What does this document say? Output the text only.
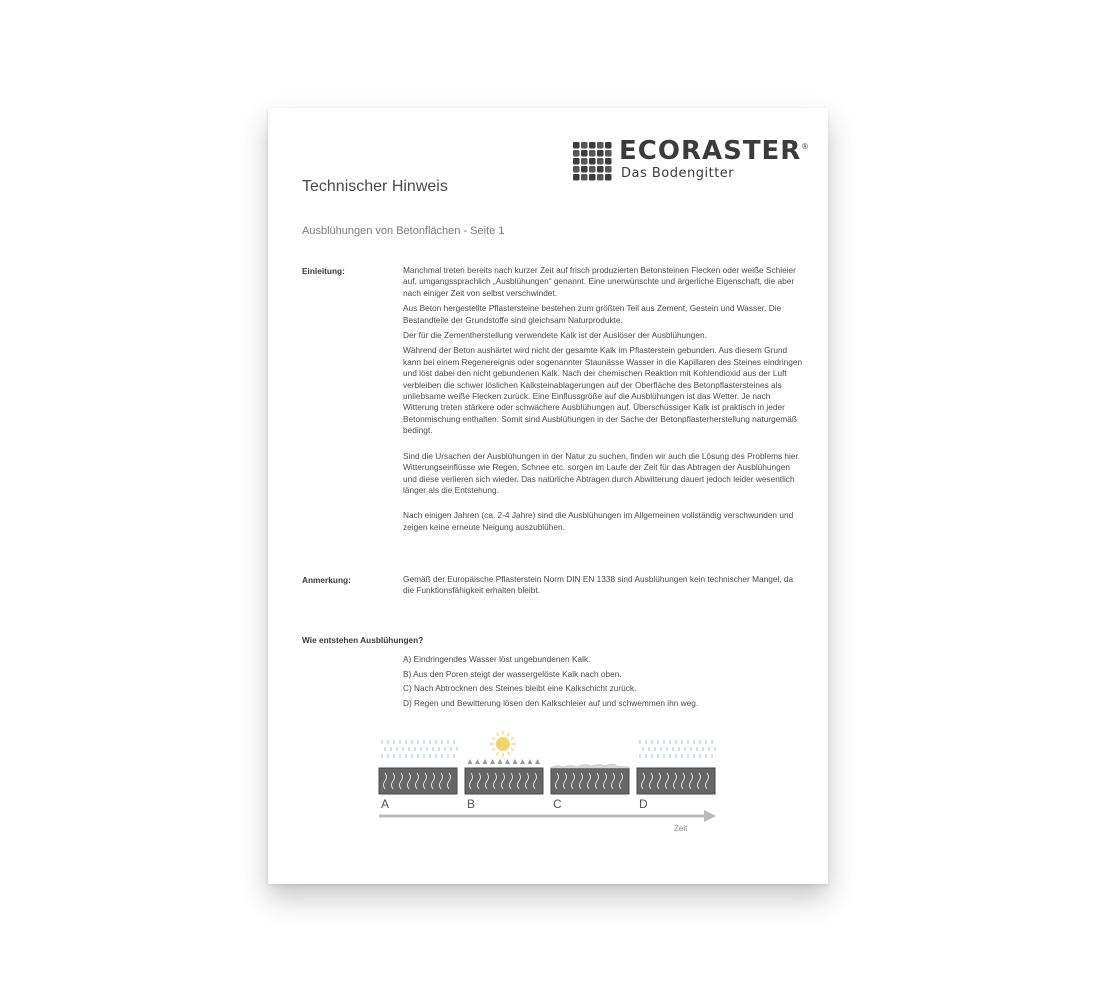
ECORASTER ®
Das Bodengitter
Technischer Hinweis
Ausblühungen von Betonflächen - Seite 1
Einleitung:	Manchmal treten bereits nach kurzer Zeit auf frisch produzierten Betonsteinen Flecken oder weiße Schleier auf, umgangssprachlich „Ausblühungen“ genannt. Eine unerwünschte und ärgerliche Eigenschaft, die aber nach einiger Zeit von selbst verschwindet.

Aus Beton hergestellte Pflastersteine bestehen zum größten Teil aus Zement, Gestein und Wasser. Die Bestandteile der Grundstoffe sind gleichsam Naturprodukte.

Der für die Zementherstellung verwendete Kalk ist der Auslöser der Ausblühungen.

Während der Beton aushärtet wird nicht der gesamte Kalk im Pflasterstein gebunden. Aus diesem Grund kann bei einem Regenereignis oder sogenannter Staunässe Wasser in die Kapillaren des Steines eindringen und löst dabei den nicht gebundenen Kalk. Nach der chemischen Reaktion mit Kohlendioxid aus der Luft verbleiben die schwer löslichen Kalksteinablagerungen auf der Oberfläche des Betonpflastersteines als unliebsame weiße Flecken zurück. Eine Einflussgröße auf die Ausblühungen ist das Wetter. Je nach Witterung treten stärkere oder schwächere Ausblühungen auf. Überschüssiger Kalk ist praktisch in jeder Betonmischung enthalten. Somit sind Ausblühungen in der Sache der Betonpflasterherstellung naturgemäß bedingt.

Sind die Ursachen der Ausblühungen in der Natur zu suchen, finden wir auch die Lösung des Problems hier. Witterungseinflüsse wie Regen, Schnee etc. sorgen im Laufe der Zeit für das Abtragen der Ausblühungen und diese verlieren sich wieder. Das natürliche Abtragen durch Abwitterung dauert jedoch leider wesentlich länger als die Entstehung.

Nach einigen Jahren (ca. 2-4 Jahre) sind die Ausblühungen im Allgemeinen vollständig verschwunden und zeigen keine erneute Neigung auszublühen.

Anmerkung:	Gemäß der Europäische Pflasterstein Norm DIN EN 1338 sind Ausblühungen kein technischer Mangel, da die Funktionsfähigkeit erhalten bleibt.

Wie entstehen Ausblühungen?
A) Eindringendes Wasser löst ungebundenen Kalk.
B) Aus den Poren steigt der wassergelöste Kalk nach oben.
C) Nach Abtrocknen des Steines bleibt eine Kalkschicht zurück.
D) Regen und Bewitterung lösen den Kalkschleier auf und schwemmen ihn weg.
A	B	C	D
Zeit
